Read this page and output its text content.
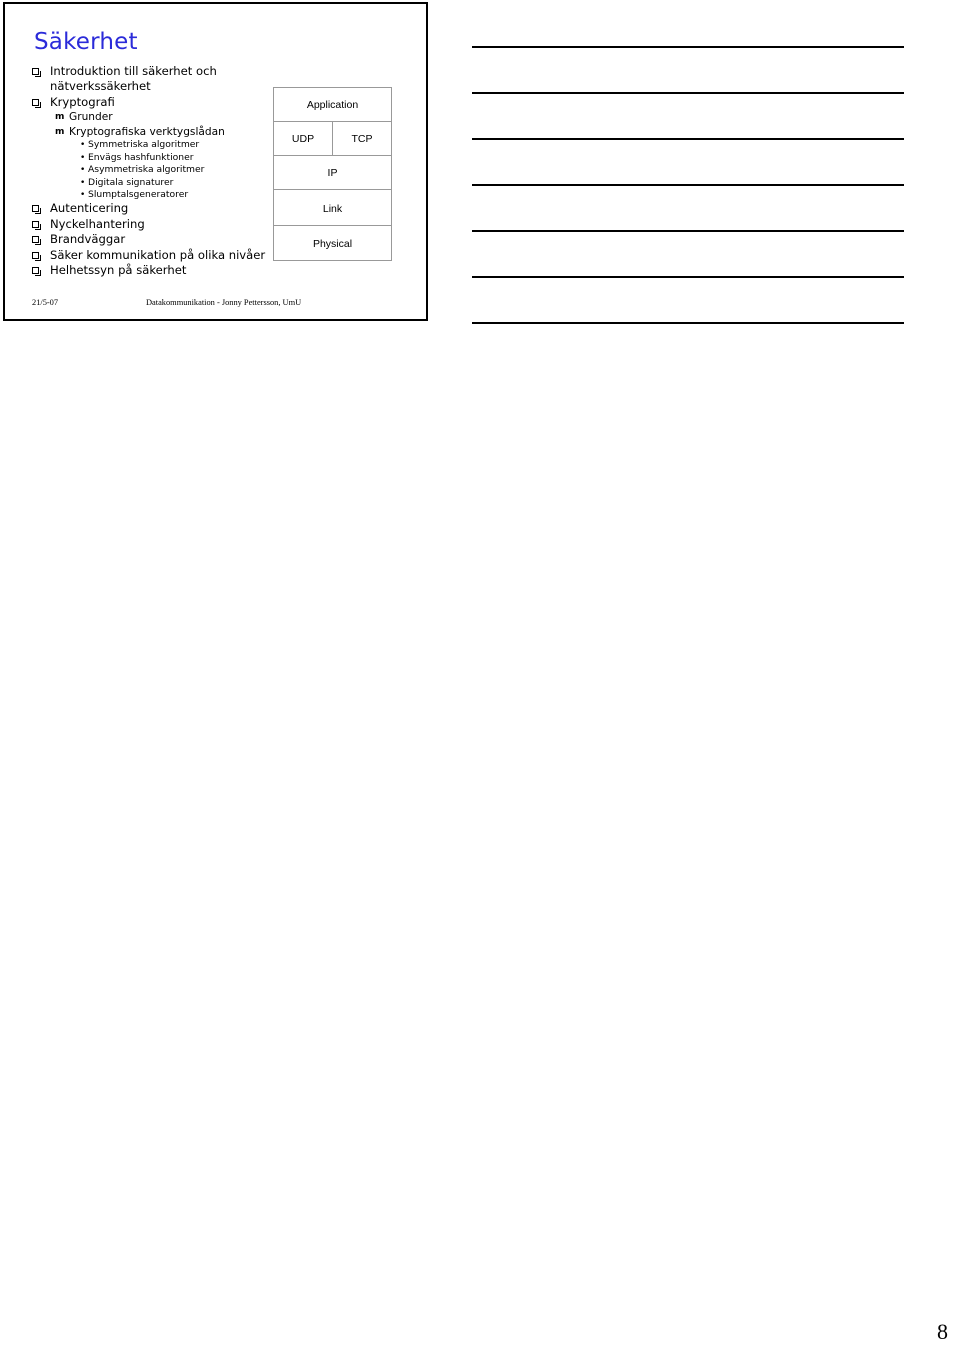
Säkerhet
Introduktion till säkerhet och
nätverkssäkerhet
Kryptografi
m Grunder
m Kryptografiska verktygslådan
• Symmetriska algoritmer
• Envägs hashfunktioner
• Asymmetriska algoritmer
• Digitala signaturer
• Slumptalsgeneratorer
Autenticering
Nyckelhantering
Brandväggar
Säker kommunikation på olika nivåer
Helhetssyn på säkerhet
Application
UDP	TCP
IP
Link
Physical
21/5-07	Datakommunikation - Jonny Pettersson, UmU
8
